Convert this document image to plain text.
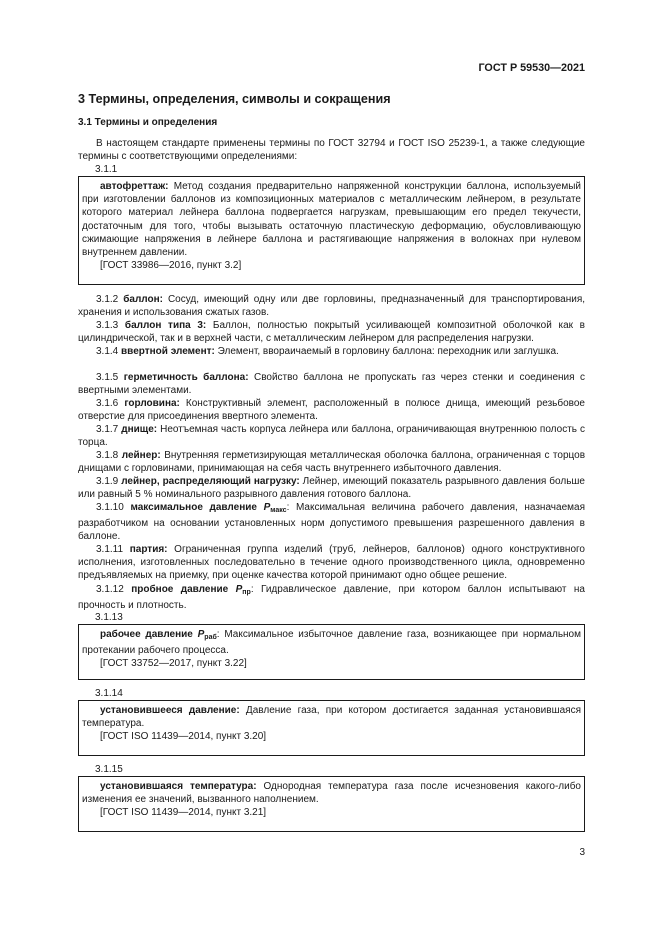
ГОСТ Р 59530—2021
3 Термины, определения, символы и сокращения
3.1 Термины и определения
В настоящем стандарте применены термины по ГОСТ 32794 и ГОСТ ISO 25239-1, а также следующие термины с соответствующими определениями:
3.1.1

автофреттаж: Метод создания предварительно напряженной конструкции баллона, используемый при изготовлении баллонов из композиционных материалов с металлическим лейнером, в результате которого материал лейнера баллона подвергается нагрузкам, превышающим его предел текучести, достаточным для того, чтобы вызывать остаточную пластическую деформацию, обусловливающую сжимающие напряжения в лейнере баллона и растягивающие напряжения в волокнах при нулевом внутреннем давлении.

[ГОСТ 33986—2016, пункт 3.2]

3.1.2 баллон: Сосуд, имеющий одну или две горловины, предназначенный для транспортирования, хранения и использования сжатых газов.
3.1.3 баллон типа 3: Баллон, полностью покрытый усиливающей композитной оболочкой как в цилиндрической, так и в верхней части, с металлическим лейнером для распределения нагрузки.
3.1.4 ввертной элемент: Элемент, ввораичаемый в горловину баллона: переходник или заглушка.
3.1.5 герметичность баллона: Свойство баллона не пропускать газ через стенки и соединения с ввертными элементами.
3.1.6 горловина: Конструктивный элемент, расположенный в полюсе днища, имеющий резьбовое отверстие для присоединения ввертного элемента.
3.1.7 днище: Неотъемная часть корпуса лейнера или баллона, ограничивающая внутреннюю полость с торца.
3.1.8 лейнер: Внутренняя герметизирующая металлическая оболочка баллона, ограниченная с торцов днищами с горловинами, принимающая на себя часть внутреннего избыточного давления.
3.1.9 лейнер, распределяющий нагрузку: Лейнер, имеющий показатель разрывного давления больше или равный 5 % номинального разрывного давления готового баллона.
3.1.10 максимальное давление $P_{макс}$: Максимальная величина рабочего давления, назначаемая разработчиком на основании установленных норм допустимого превышения разрешенного давления в баллоне.
3.1.11 партия: Ограниченная группа изделий (труб, лейнеров, баллонов) одного конструктивного исполнения, изготовленных последовательно в течение одного производственного цикла, одновременно предъявляемых на приемку, при оценке качества которой принимают одно общее решение.
3.1.12 пробное давление $P_{пр}$: Гидравлическое давление, при котором баллон испытывают на прочность и плотность.
3.1.13

рабочее давление $P_{раб}$: Максимальное избыточное давление газа, возникающее при нормальном протекании рабочего процесса.

[ГОСТ 33752—2017, пункт 3.22]

3.1.14

установившееся давление: Давление газа, при котором достигается заданная установившаяся температура.

[ГОСТ ISO 11439—2014, пункт 3.20]

3.1.15

установившаяся температура: Однородная температура газа после исчезновения какого-либо изменения ее значений, вызванного наполнением.

[ГОСТ ISO 11439—2014, пункт 3.21]

3
